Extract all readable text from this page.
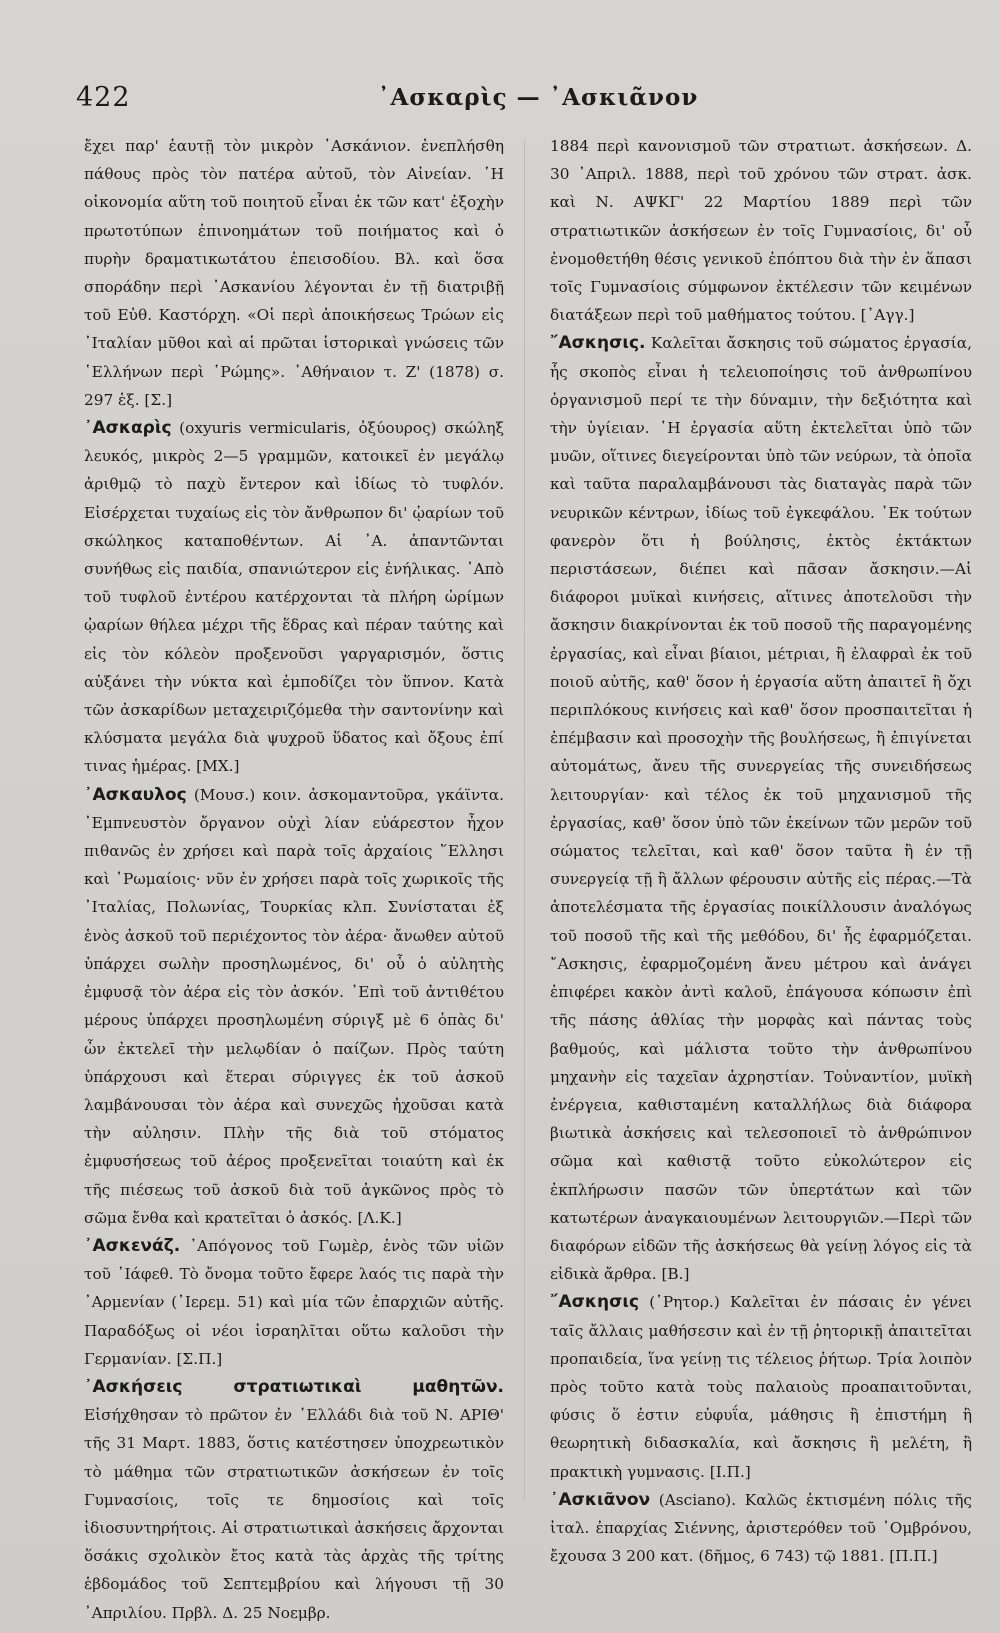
422	᾽Ασκαρὶς — ᾽Ασκιᾶνον

ἔχει παρ' ἑαυτῇ τὸν μικρὸν ᾽Ασκάνιον. ἐνεπλήσθη πάθους πρὸς τὸν πατέρα αὐτοῦ, τὸν Αἰνείαν. ῾Η οἰκονομία αὕτη τοῦ ποιητοῦ εἶναι ἐκ τῶν κατ' ἐξοχὴν πρωτοτύπων ἐπινοημάτων τοῦ ποιήματος καὶ ὁ πυρὴν δραματικωτάτου ἐπεισοδίου. Βλ. καὶ ὅσα σποράδην περὶ ᾽Ασκανίου λέγονται ἐν τῇ διατριβῇ τοῦ Εὐθ. Καστόρχη. «Οἱ περὶ ἀποικήσεως Τρώων εἰς ᾽Ιταλίαν μῦθοι καὶ αἱ πρῶται ἱστορικαὶ γνώσεις τῶν ῾Ελλήνων περὶ ῾Ρώμης». ᾽Αθήναιον τ. Ζ' (1878) σ. 297 ἑξ. [Σ.]

᾽Ασκαρὶς (oxyuris vermicularis, ὀξύουρος) σκώληξ λευκός, μικρὸς 2—5 γραμμῶν, κατοικεῖ ἐν μεγάλῳ ἀριθμῷ τὸ παχὺ ἔντερον καὶ ἰδίως τὸ τυφλόν. Εἰσέρχεται τυχαίως εἰς τὸν ἄνθρωπον δι' ᾠαρίων τοῦ σκώληκος καταποθέντων. Αἱ ᾽Α. ἀπαντῶνται συνήθως εἰς παιδία, σπανιώτερον εἰς ἐνήλικας. ᾽Απὸ τοῦ τυφλοῦ ἐντέρου κατέρχονται τὰ πλήρη ὠρίμων ᾠαρίων θήλεα μέχρι τῆς ἕδρας καὶ πέραν ταύτης καὶ εἰς τὸν κόλεὸν προξενοῦσι γαργαρισμόν, ὅστις αὐξάνει τὴν νύκτα καὶ ἐμποδίζει τὸν ὕπνον. Κατὰ τῶν ἀσκαρίδων μεταχειριζόμεθα τὴν σαντονίνην καὶ κλύσματα μεγάλα διὰ ψυχροῦ ὕδατος καὶ ὄξους ἐπί τινας ἡμέρας. [ΜΧ.]

᾽Ασκαυλος (Μουσ.) κοιν. ἀσκομαντοῦρα, γκάϊντα. ᾽Εμπνευστὸν ὄργανον οὐχὶ λίαν εὐάρεστον ἦχον πιθανῶς ἐν χρήσει καὶ παρὰ τοῖς ἀρχαίοις ῞Ελλησι καὶ ῾Ρωμαίοις· νῦν ἐν χρήσει παρὰ τοῖς χωρικοῖς τῆς ᾽Ιταλίας, Πολωνίας, Τουρκίας κλπ. Συνίσταται ἐξ ἑνὸς ἀσκοῦ τοῦ περιέχοντος τὸν ἀέρα· ἄνωθεν αὐτοῦ ὑπάρχει σωλὴν προσηλωμένος, δι' οὗ ὁ αὐλητὴς ἐμφυσᾷ τὸν ἀέρα εἰς τὸν ἀσκόν. ᾽Επὶ τοῦ ἀντιθέτου μέρους ὑπάρχει προσηλωμένη σύριγξ μὲ 6 ὀπὰς δι' ὧν ἐκτελεῖ τὴν μελῳδίαν ὁ παίζων. Πρὸς ταύτη ὑπάρχουσι καὶ ἕτεραι σύριγγες ἐκ τοῦ ἀσκοῦ λαμβάνουσαι τὸν ἀέρα καὶ συνεχῶς ἠχοῦσαι κατὰ τὴν αὐλησιν. Πλὴν τῆς διὰ τοῦ στόματος ἐμφυσήσεως τοῦ ἀέρος πρoξενεῖται τοιαύτη καὶ ἐκ τῆς πιέσεως τοῦ ἀσκοῦ διὰ τοῦ ἀγκῶνος πρὸς τὸ σῶμα ἔνθα καὶ κρατεῖται ὁ ἀσκός. [Λ.Κ.]

᾽Ασκενάζ. ᾽Απόγονος τοῦ Γωμὲρ, ἑνὸς τῶν υἱῶν τοῦ ᾽Ιάφεθ. Τὸ ὄνομα τοῦτο ἔφερε λαός τις παρὰ τὴν ᾽Αρμενίαν (᾽Ιερεμ. 51) καὶ μία τῶν ἐπαρχιῶν αὐτῆς. Παραδόξως οἱ νέοι ἰσραηλῖται οὕτω καλοῦσι τὴν Γερμανίαν. [Σ.Π.]

᾽Ασκήσεις στρατιωτικαὶ μαθητῶν. Εἰσήχθησαν τὸ πρῶτον ἐν ῾Ελλάδι διὰ τοῦ Ν. ΑΡΙΘ' τῆς 31 Μαρτ. 1883, ὅστις κατέστησεν ὑποχρεωτικὸν τὸ μάθημα τῶν στρατιωτικῶν ἀσκήσεων ἐν τοῖς Γυμνασίοις, τοῖς τε δημοσίοις καὶ τοῖς ἰδιοσυντηρήτοις. Αἱ στρατιωτικαὶ ἀσκήσεις ἄρχονται ὅσάκις σχολικὸν ἔτος κατὰ τὰς ἀρχὰς τῆς τρίτης ἑβδομάδος τοῦ Σεπτεμβρίου καὶ λήγουσι τῇ 30 ᾽Απριλίου. Πρβλ. Δ. 25 Νοεμβρ.

1884 περὶ κανονισμοῦ τῶν στρατιωτ. ἀσκήσεων. Δ. 30 ᾽Απριλ. 1888, περὶ τοῦ χρόνου τῶν στρατ. ἀσκ. καὶ Ν. ΑΨΚΓ' 22 Μαρτίου 1889 περὶ τῶν στρατιωτικῶν ἀσκήσεων ἐν τοῖς Γυμνασίοις, δι' οὗ ἐνομοθετήθη θέσις γενικοῦ ἐπόπτου διὰ τὴν ἐν ἅπασι τοῖς Γυμνασίοις σύμφωνον ἐκτέλεσιν τῶν κειμένων διατάξεων περὶ τοῦ μαθήματος τούτου. [᾽Αγγ.]

῎Ασκησις. Καλεῖται ἄσκησις τοῦ σώματος ἐργασία, ἧς σκοπὸς εἶναι ἡ τελειοποίησις τοῦ ἀνθρωπίνου ὀργανισμοῦ περί τε τὴν δύναμιν, τὴν δεξιότητα καὶ τὴν ὑγίειαν. ῾Η ἐργασία αὕτη ἐκτελεῖται ὑπὸ τῶν μυῶν, οἵτινες διεγείρονται ὑπὸ τῶν νεύρων, τὰ ὁποῖα καὶ ταῦτα παραλαμβάνουσι τὰς διαταγὰς παρὰ τῶν νευρικῶν κέντρων, ἰδίως τοῦ ἐγκεφάλου. ᾽Εκ τούτων φανερὸν ὅτι ἡ βούλησις, ἐκτὸς ἐκτάκτων περιστάσεων, διέπει καὶ πᾶσαν ἄσκησιν.—Αἱ διάφοροι μυϊκαὶ κινήσεις, αἵτινες ἀποτελοῦσι τὴν ἄσκησιν διακρίνονται ἐκ τοῦ ποσοῦ τῆς παραγομένης ἐργασίας, καὶ εἶναι βίαιοι, μέτριαι, ἢ ἐλαφραὶ ἐκ τοῦ ποιοῦ αὐτῆς, καθ' ὅσον ἡ ἐργασία αὕτη ἀπαιτεῖ ἢ ὄχι περιπλόκους κινήσεις καὶ καθ' ὅσον προσπαιτεῖται ἡ ἐπέμβασιν καὶ προσοχὴν τῆς βουλήσεως, ἢ ἐπιγίνεται αὐτομάτως, ἄνευ τῆς συνεργείας τῆς συνειδήσεως λειτουργίαν· καὶ τέλος ἐκ τοῦ μηχανισμοῦ τῆς ἐργασίας, καθ' ὅσον ὑπὸ τῶν ἐκείνων τῶν μερῶν τοῦ σώματος τελεῖται, καὶ καθ' ὅσον ταῦτα ἢ ἐν τῇ συνεργείᾳ τῇ ἢ ἄλλων φέρουσιν αὐτῆς εἰς πέρας.—Τὰ ἀποτελέσματα τῆς ἐργασίας ποικίλλουσιν ἀναλόγως τοῦ ποσοῦ τῆς καὶ τῆς μεθόδου, δι' ἧς ἐφαρμόζεται. ῎Ασκησις, ἐφαρμοζομένη ἄνευ μέτρου καὶ ἀνάγει ἐπιφέρει κακὸν ἀντὶ καλοῦ, ἐπάγουσα κόπωσιν ἐπὶ τῆς πάσης ἀθλίας τὴν μορφὰς καὶ πάντας τοὺς βαθμούς, καὶ μάλιστα τοῦτο τὴν ἀνθρωπίνου μηχανὴν εἰς ταχεῖαν ἀχρηστίαν. Τοὐναντίον, μυϊκὴ ἐνέργεια, καθισταμένη καταλλήλως διὰ διάφορα βιωτικὰ ἀσκήσεις καὶ τελεσοποιεῖ τὸ ἀνθρώπινον σῶμα καὶ καθιστᾷ τοῦτο εὐκολώτερον εἰς ἐκπλήρωσιν πασῶν τῶν ὑπερτάτων καὶ τῶν κατωτέρων ἀναγκαιουμένων λειτουργιῶν.—Περὶ τῶν διαφόρων εἰδῶν τῆς ἀσκήσεως θὰ γείνῃ λόγος εἰς τὰ εἰδικὰ ἄρθρα. [Β.]

῎Ασκησις (῾Ρητορ.) Καλεῖται ἐν πάσαις ἐν γένει ταῖς ἄλλαις μαθήσεσιν καὶ ἐν τῇ ῥητορικῇ ἀπαιτεῖται προπαιδεία, ἵνα γείνῃ τις τέλειος ῥήτωρ. Τρία λοιπὸν πρὸς τοῦτο κατὰ τοὺς παλαιοὺς προαπαιτοῦνται, φύσις ὅ ἐστιν εὐφυΐα, μάθησις ἢ ἐπιστήμη ἢ θεωρητικὴ διδασκαλία, καὶ ἄσκησις ἢ μελέτη, ἢ πρακτικὴ γυμνασις. [Ι.Π.]

᾽Ασκιᾶνον (Asciano). Καλῶς ἐκτισμένη πόλις τῆς ἰταλ. ἐπαρχίας Σιέννης, ἀριστερόθεν τοῦ ᾽Ομβρόνου, ἔχουσα 3 200 κατ. (δῆμος, 6 743) τῷ 1881. [Π.Π.]
